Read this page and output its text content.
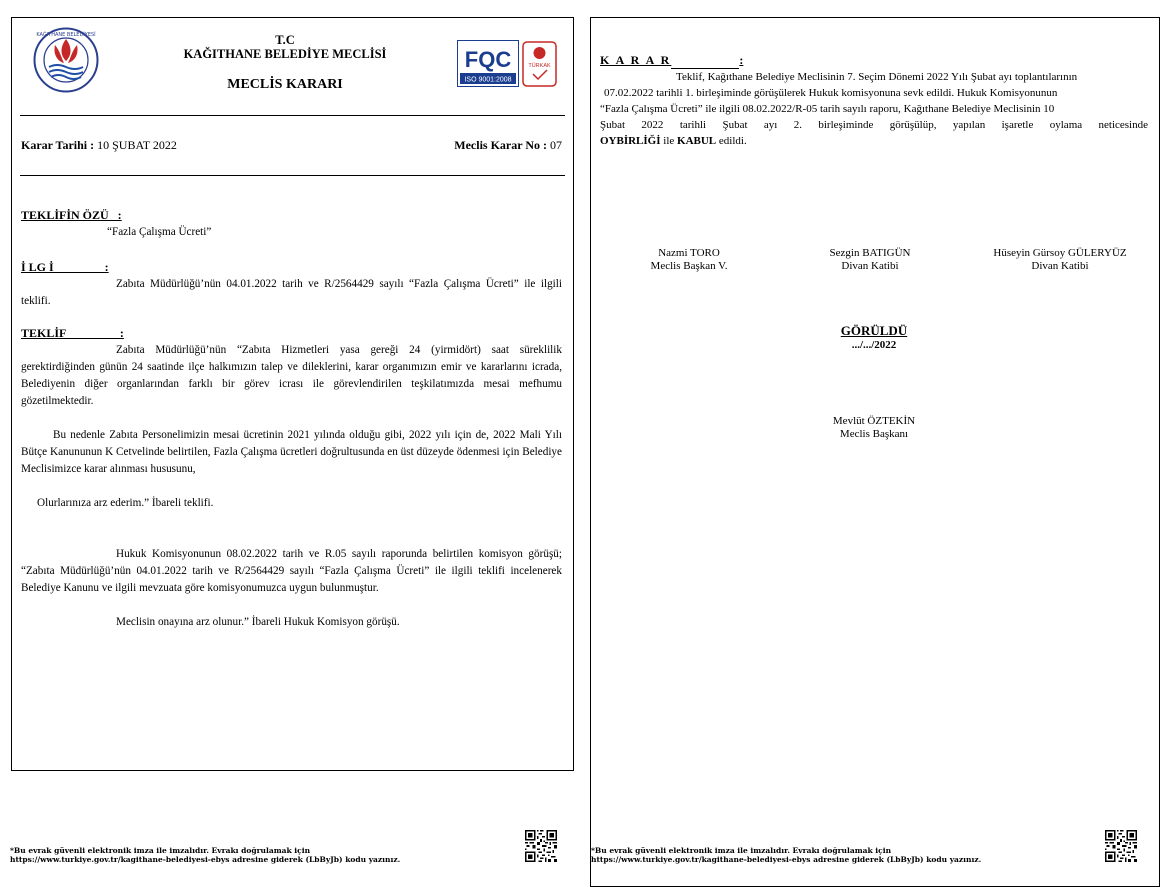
KAĞITHANE BELEDİYESİ	T.C
KAĞITHANE BELEDİYE MECLİSİ
MECLİS KARARI
FQC
ISO 9001:2008
TÜRKAK
Karar Tarihi : 10 ŞUBAT 2022	Meclis Karar No : 07
TEKLİFİN ÖZÜ   :
“Fazla Çalışma Ücreti”
İ LG İ                 :
Zabıta Müdürlüğü’nün 04.01.2022 tarih ve R/2564429 sayılı “Fazla Çalışma Ücreti” ile ilgili teklifi.
TEKLİF                  :
Zabıta Müdürlüğü’nün “Zabıta Hizmetleri yasa gereği 24 (yirmidört) saat süreklilik gerektirdiğinden günün 24 saatinde ilçe halkımızın talep ve dileklerini, karar organımızın emir ve kararlarını icrada, Belediyenin diğer organlarından farklı bir görev icrası ile görevlendirilen teşkilatımızda mesai mefhumu gözetilmektedir.
Bu nedenle Zabıta Personelimizin mesai ücretinin 2021 yılında olduğu gibi, 2022 yılı için de, 2022 Mali Yılı Bütçe Kanununun K Cetvelinde belirtilen, Fazla Çalışma ücretleri doğrultusunda en üst düzeyde ödenmesi için Belediye Meclisimizce karar alınması hususunu,
Olurlarınıza arz ederim.” İbareli teklifi.
Hukuk Komisyonunun 08.02.2022 tarih ve R.05 sayılı raporunda belirtilen komisyon görüşü; “Zabıta Müdürlüğü’nün 04.01.2022 tarih ve R/2564429 sayılı “Fazla Çalışma Ücreti” ile ilgili teklifi incelenerek Belediye Kanunu ve ilgili mevzuata göre komisyonumuzca uygun bulunmuştur.
Meclisin onayına arz olunur.” İbareli Hukuk Komisyon görüşü.
*Bu evrak güvenli elektronik imza ile imzalıdır. Evrakı doğrulamak için
https://www.turkiye.gov.tr/kagithane-belediyesi-ebys adresine giderek (LbByJb) kodu yazınız.
K A R A R	:
Teklif, Kağıthane Belediye Meclisinin 7. Seçim Dönemi 2022 Yılı Şubat ayı toplantılarının
07.02.2022 tarihli 1. birleşiminde görüşülerek Hukuk komisyonuna sevk edildi. Hukuk Komisyonunun
“Fazla Çalışma Ücreti” ile ilgili 08.02.2022/R-05 tarih sayılı raporu, Kağıthane Belediye Meclisinin 10
Şubat 2022 tarihli Şubat ayı 2. birleşiminde görüşülüp, yapılan işaretle oylama neticesinde
OYBİRLİĞİ ile KABUL edildi.
Nazmi TORO
Meclis Başkan V.
Sezgin BATIGÜN
Divan Katibi
Hüseyin Gürsoy GÜLERYÜZ
Divan Katibi
GÖRÜLDÜ
.../.../2022
Mevlüt ÖZTEKİN
Meclis Başkanı
*Bu evrak güvenli elektronik imza ile imzalıdır. Evrakı doğrulamak için
https://www.turkiye.gov.tr/kagithane-belediyesi-ebys adresine giderek (LbByJb) kodu yazınız.
